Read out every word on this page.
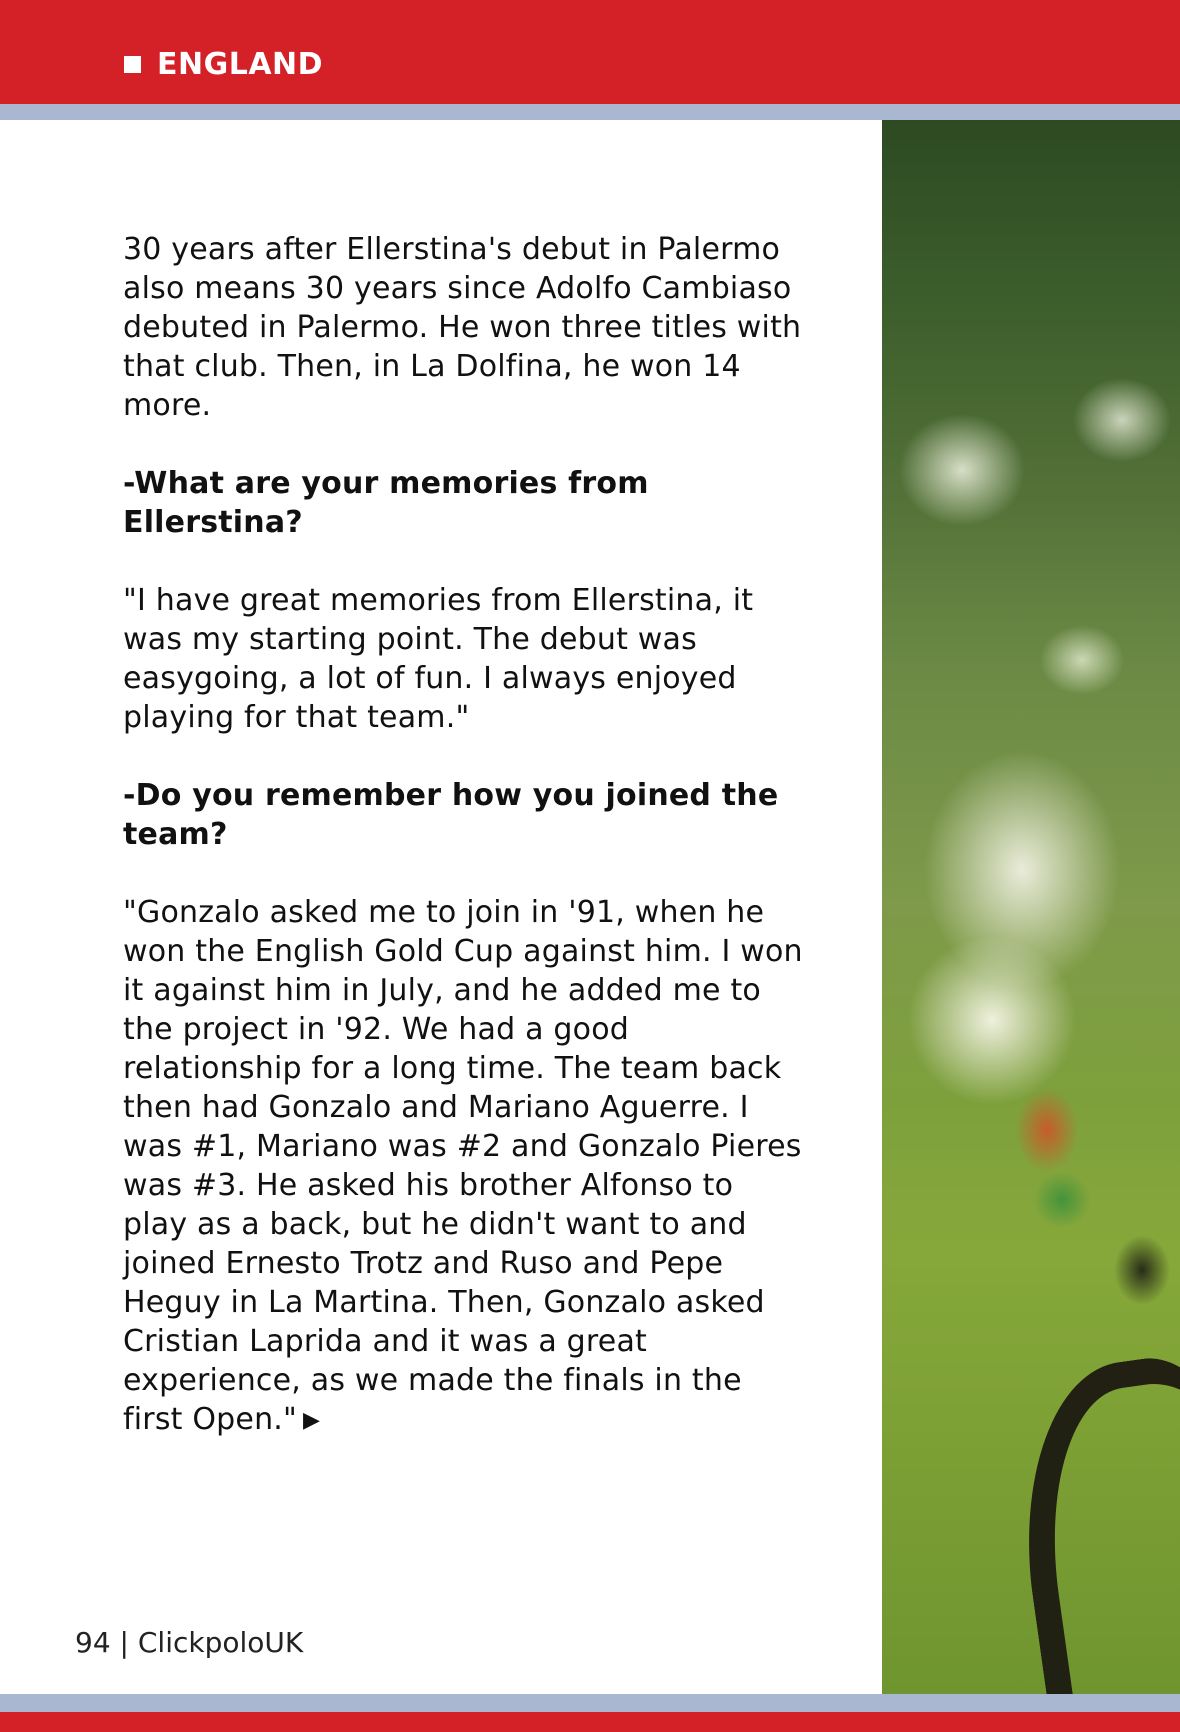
ENGLAND

30 years after Ellerstina's debut in Palermo also means 30 years since Adolfo Cambiaso debuted in Palermo. He won three titles with that club. Then, in La Dolfina, he won 14 more.

-What are your memories from Ellerstina?

"I have great memories from Ellerstina, it was my starting point. The debut was easygoing, a lot of fun. I always enjoyed playing for that team."

-Do you remember how you joined the team?

"Gonzalo asked me to join in '91, when he won the English Gold Cup against him. I won it against him in July, and he added me to the project in '92. We had a good relationship for a long time. The team back then had Gonzalo and Mariano Aguerre. I was #1, Mariano was #2 and Gonzalo Pieres was #3. He asked his brother Alfonso to play as a back, but he didn't want to and joined Ernesto Trotz and Ruso and Pepe Heguy in La Martina. Then, Gonzalo asked Cristian Laprida and it was a great experience, as we made the finals in the first Open." ▶

94 | ClickpoloUK
